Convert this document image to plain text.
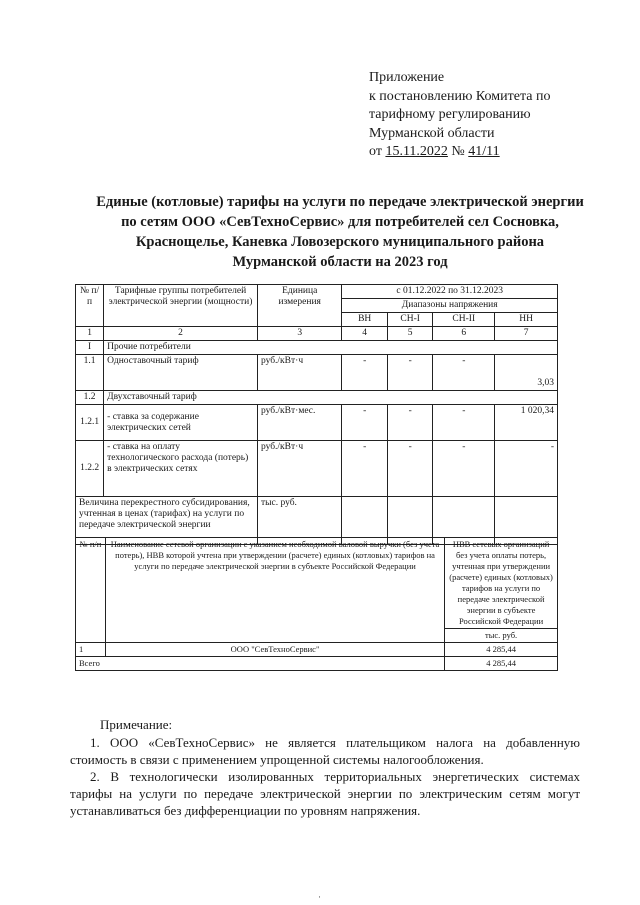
Приложение
к постановлению Комитета по
тарифному регулированию
Мурманской области
от 15.11.2022 № 41/11
Единые (котловые) тарифы на услуги по передаче электрической энергии
по сетям ООО «СевТехноСервис» для потребителей сел Сосновка,
Краснощелье, Каневка Ловозерского муниципального района
Мурманской области на 2023 год
№ п/п	Тарифные группы потребителей электрической энергии (мощности)	Единица измерения	с 01.12.2022 по 31.12.2023			
			Диапазоны напряжения			
			ВН	СН-I	СН-II	НН
1	2	3	4	5	6	7
I	Прочие потребители					
1.1	Одноставочный тариф	руб./кВт·ч	-	-	-	3,03
1.2	Двухставочный тариф					
1.2.1	- ставка за содержание электрических сетей	руб./кВт·мес.	-	-	-	1 020,34
1.2.2	- ставка на оплату технологического расхода (потерь) в электрических сетях	руб./кВт·ч	-	-	-	-
Величина перекрестного субсидирования, учтенная в ценах (тарифах) на услуги по передаче электрической энергии		тыс. руб.				
№ п/п	Наименование сетевой организации с указанием необходимой валовой выручки (без учета потерь), НВВ которой учтена при утверждении (расчете) единых (котловых) тарифов на услуги по передаче электрической энергии в субъекте Российской Федерации	НВВ сетевых организаций без учета оплаты потерь, учтенная при утверждении (расчете) единых (котловых) тарифов на услуги по передаче электрической энергии в субъекте Российской Федерации
		тыс. руб.
1	ООО "СевТехноСервис"	4 285,44
Всего		4 285,44
Примечание:
1. ООО «СевТехноСервис» не является плательщиком налога на добавленную стоимость в связи с применением упрощенной системы налогообложения.
2. В технологически изолированных территориальных энергетических системах тарифы на услуги по передаче электрической энергии по электрическим сетям могут устанавливаться без дифференциации по уровням напряжения.
·
